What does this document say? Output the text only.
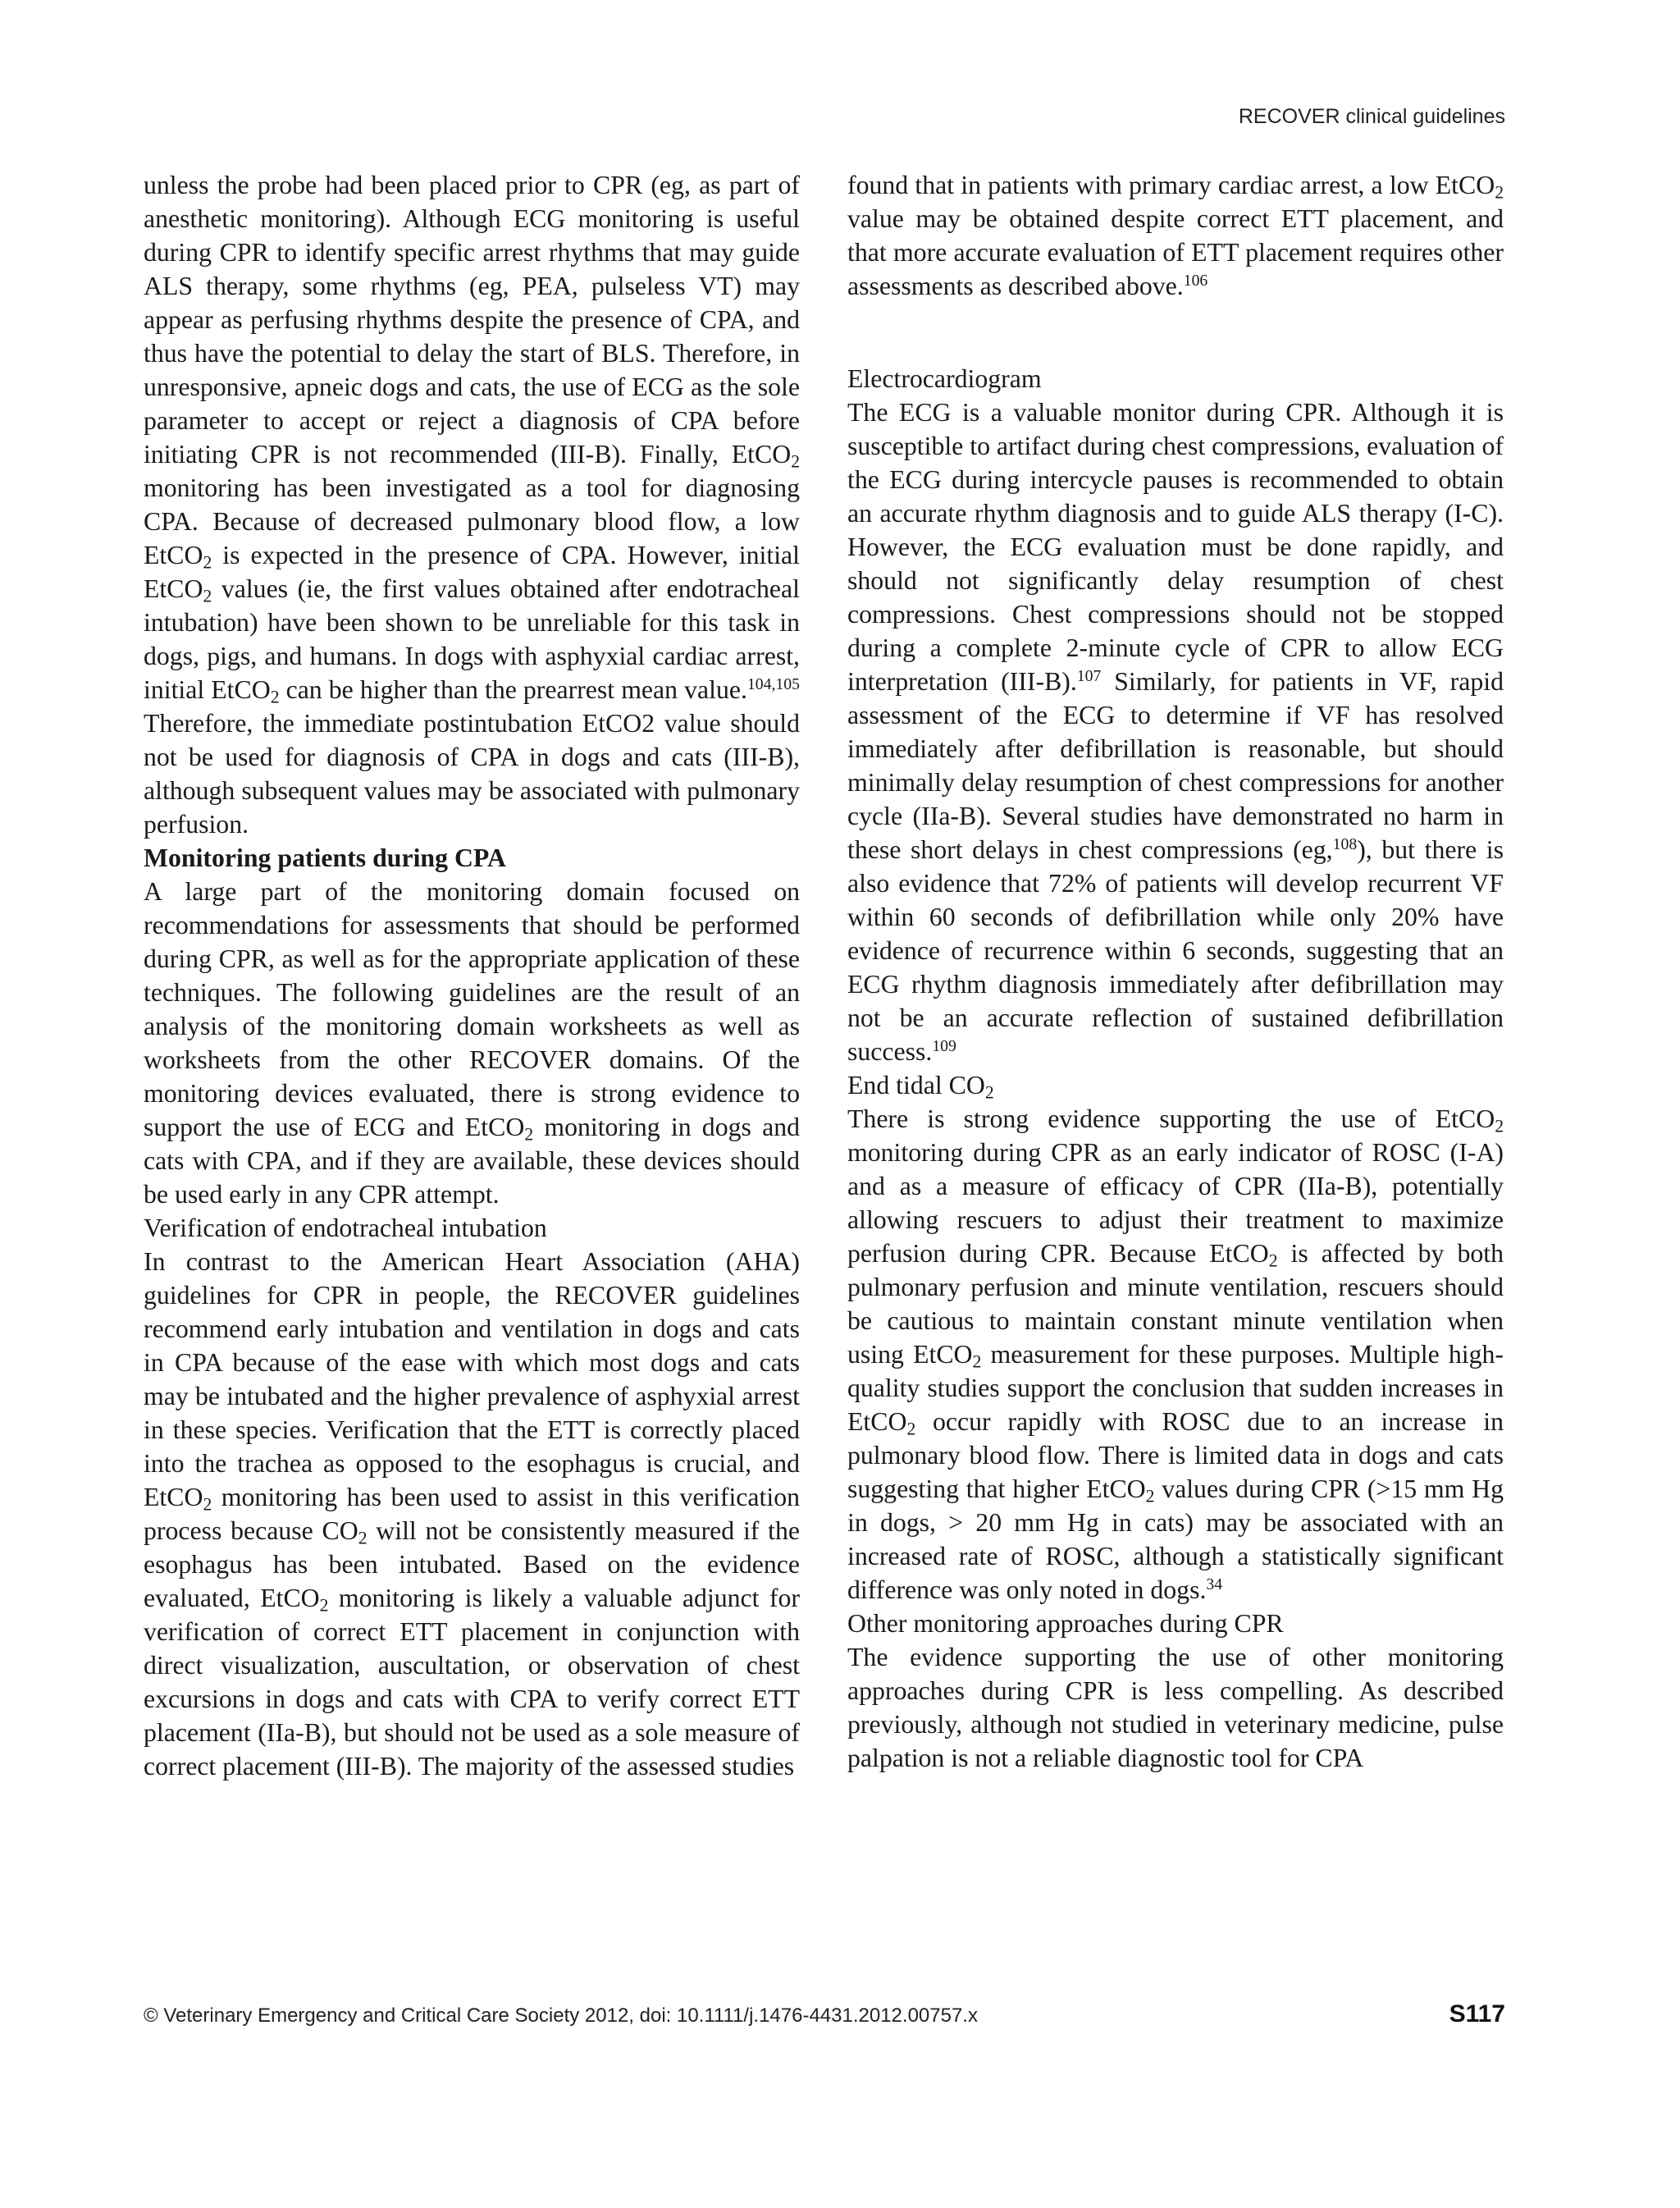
RECOVER clinical guidelines

unless the probe had been placed prior to CPR (eg, as part of anesthetic monitoring). Although ECG monitoring is useful during CPR to identify specific arrest rhythms that may guide ALS therapy, some rhythms (eg, PEA, pulseless VT) may appear as perfusing rhythms despite the presence of CPA, and thus have the potential to delay the start of BLS. Therefore, in unresponsive, apneic dogs and cats, the use of ECG as the sole parameter to accept or reject a diagnosis of CPA before initiating CPR is not recommended (III-B). Finally, EtCO$_2$ monitoring has been investigated as a tool for diagnosing CPA. Because of decreased pulmonary blood flow, a low EtCO$_2$ is expected in the presence of CPA. However, initial EtCO$_2$ values (ie, the first values obtained after endotracheal intubation) have been shown to be unreliable for this task in dogs, pigs, and humans. In dogs with asphyxial cardiac arrest, initial EtCO$_2$ can be higher than the prearrest mean value.$^{104,105}$ Therefore, the immediate postintubation EtCO2 value should not be used for diagnosis of CPA in dogs and cats (III-B), although subsequent values may be associated with pulmonary perfusion.

Monitoring patients during CPA

A large part of the monitoring domain focused on recommendations for assessments that should be performed during CPR, as well as for the appropriate application of these techniques. The following guidelines are the result of an analysis of the monitoring domain worksheets as well as worksheets from the other RECOVER domains. Of the monitoring devices evaluated, there is strong evidence to support the use of ECG and EtCO$_2$ monitoring in dogs and cats with CPA, and if they are available, these devices should be used early in any CPR attempt.

Verification of endotracheal intubation

In contrast to the American Heart Association (AHA) guidelines for CPR in people, the RECOVER guidelines recommend early intubation and ventilation in dogs and cats in CPA because of the ease with which most dogs and cats may be intubated and the higher prevalence of asphyxial arrest in these species. Verification that the ETT is correctly placed into the trachea as opposed to the esophagus is crucial, and EtCO$_2$ monitoring has been used to assist in this verification process because $CO_2$ will not be consistently measured if the esophagus has been intubated. Based on the evidence evaluated, EtCO$_2$ monitoring is likely a valuable adjunct for verification of correct ETT placement in conjunction with direct visualization, auscultation, or observation of chest excursions in dogs and cats with CPA to verify correct ETT placement (IIa-B), but should not be used as a sole measure of correct placement (III-B). The majority of the assessed studies

found that in patients with primary cardiac arrest, a low EtCO$_2$ value may be obtained despite correct ETT placement, and that more accurate evaluation of ETT placement requires other assessments as described above.$^{106}$

Electrocardiogram

The ECG is a valuable monitor during CPR. Although it is susceptible to artifact during chest compressions, evaluation of the ECG during intercycle pauses is recommended to obtain an accurate rhythm diagnosis and to guide ALS therapy (I-C). However, the ECG evaluation must be done rapidly, and should not significantly delay resumption of chest compressions. Chest compressions should not be stopped during a complete 2-minute cycle of CPR to allow ECG interpretation (III-B).$^{107}$ Similarly, for patients in VF, rapid assessment of the ECG to determine if VF has resolved immediately after defibrillation is reasonable, but should minimally delay resumption of chest compressions for another cycle (IIa-B). Several studies have demonstrated no harm in these short delays in chest compressions (eg,$^{108}$), but there is also evidence that 72% of patients will develop recurrent VF within 60 seconds of defibrillation while only 20% have evidence of recurrence within 6 seconds, suggesting that an ECG rhythm diagnosis immediately after defibrillation may not be an accurate reflection of sustained defibrillation success.$^{109}$

End tidal $CO_2$

There is strong evidence supporting the use of EtCO$_2$ monitoring during CPR as an early indicator of ROSC (I-A) and as a measure of efficacy of CPR (IIa-B), potentially allowing rescuers to adjust their treatment to maximize perfusion during CPR. Because EtCO$_2$ is affected by both pulmonary perfusion and minute ventilation, rescuers should be cautious to maintain constant minute ventilation when using EtCO$_2$ measurement for these purposes. Multiple high-quality studies support the conclusion that sudden increases in EtCO$_2$ occur rapidly with ROSC due to an increase in pulmonary blood flow. There is limited data in dogs and cats suggesting that higher EtCO$_2$ values during CPR (>15 mm Hg in dogs, > 20 mm Hg in cats) may be associated with an increased rate of ROSC, although a statistically significant difference was only noted in dogs.$^{34}$

Other monitoring approaches during CPR

The evidence supporting the use of other monitoring approaches during CPR is less compelling. As described previously, although not studied in veterinary medicine, pulse palpation is not a reliable diagnostic tool for CPA

© Veterinary Emergency and Critical Care Society 2012, doi: 10.1111/j.1476-4431.2012.00757.x	S117
